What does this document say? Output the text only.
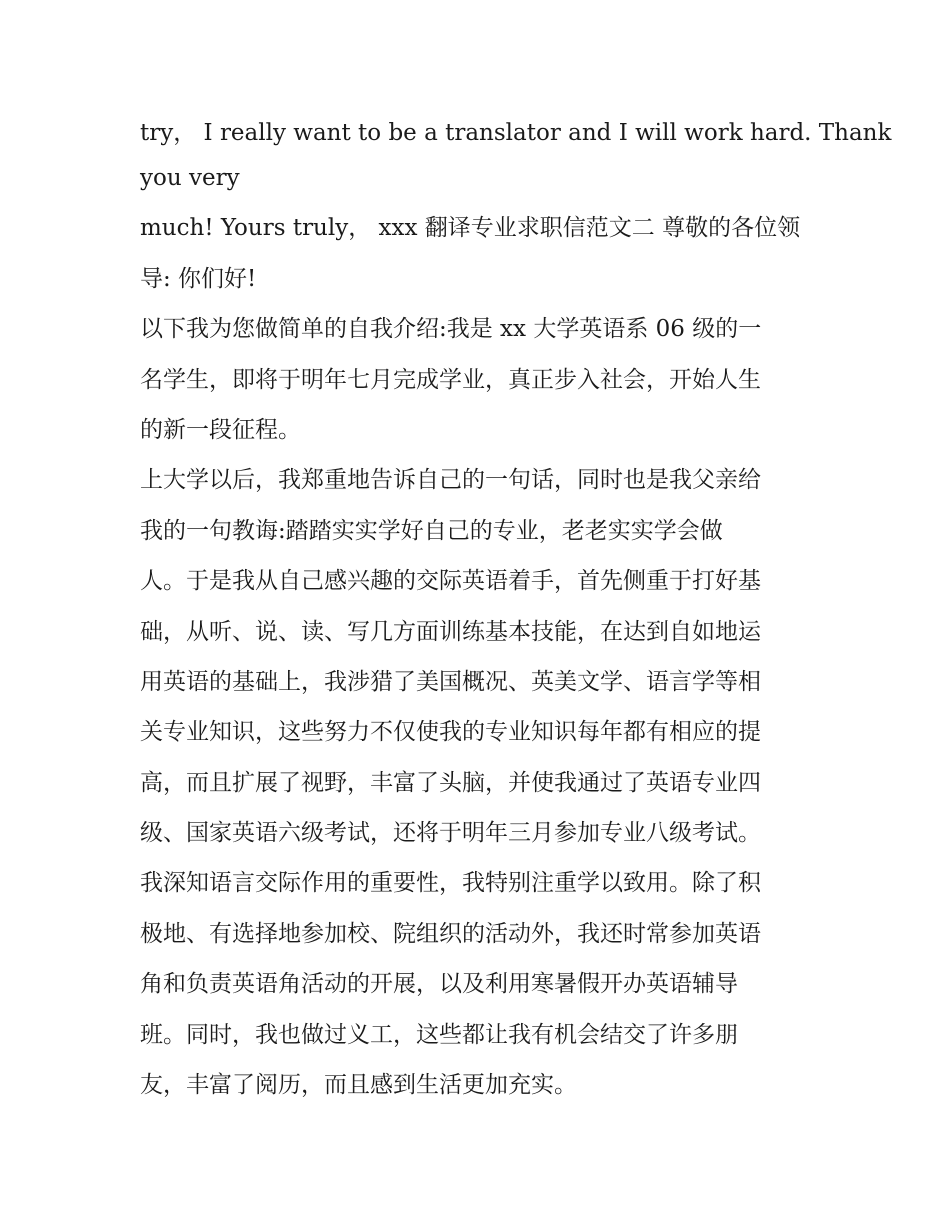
try， I really want to be a translator and I will work hard. Thank
you very
much! Yours truly， xxx 翻译专业求职信范文二 尊敬的各位领
导: 你们好!
以下我为您做简单的自我介绍:我是 xx 大学英语系 06 级的一
名学生，即将于明年七月完成学业，真正步入社会，开始人生
的新一段征程。
上大学以后，我郑重地告诉自己的一句话，同时也是我父亲给
我的一句教诲:踏踏实实学好自己的专业，老老实实学会做
人。于是我从自己感兴趣的交际英语着手，首先侧重于打好基
础，从听、说、读、写几方面训练基本技能，在达到自如地运
用英语的基础上，我涉猎了美国概况、英美文学、语言学等相
关专业知识，这些努力不仅使我的专业知识每年都有相应的提
高，而且扩展了视野，丰富了头脑，并使我通过了英语专业四
级、国家英语六级考试，还将于明年三月参加专业八级考试。
我深知语言交际作用的重要性，我特别注重学以致用。除了积
极地、有选择地参加校、院组织的活动外，我还时常参加英语
角和负责英语角活动的开展，以及利用寒暑假开办英语辅导
班。同时，我也做过义工，这些都让我有机会结交了许多朋
友，丰富了阅历，而且感到生活更加充实。
